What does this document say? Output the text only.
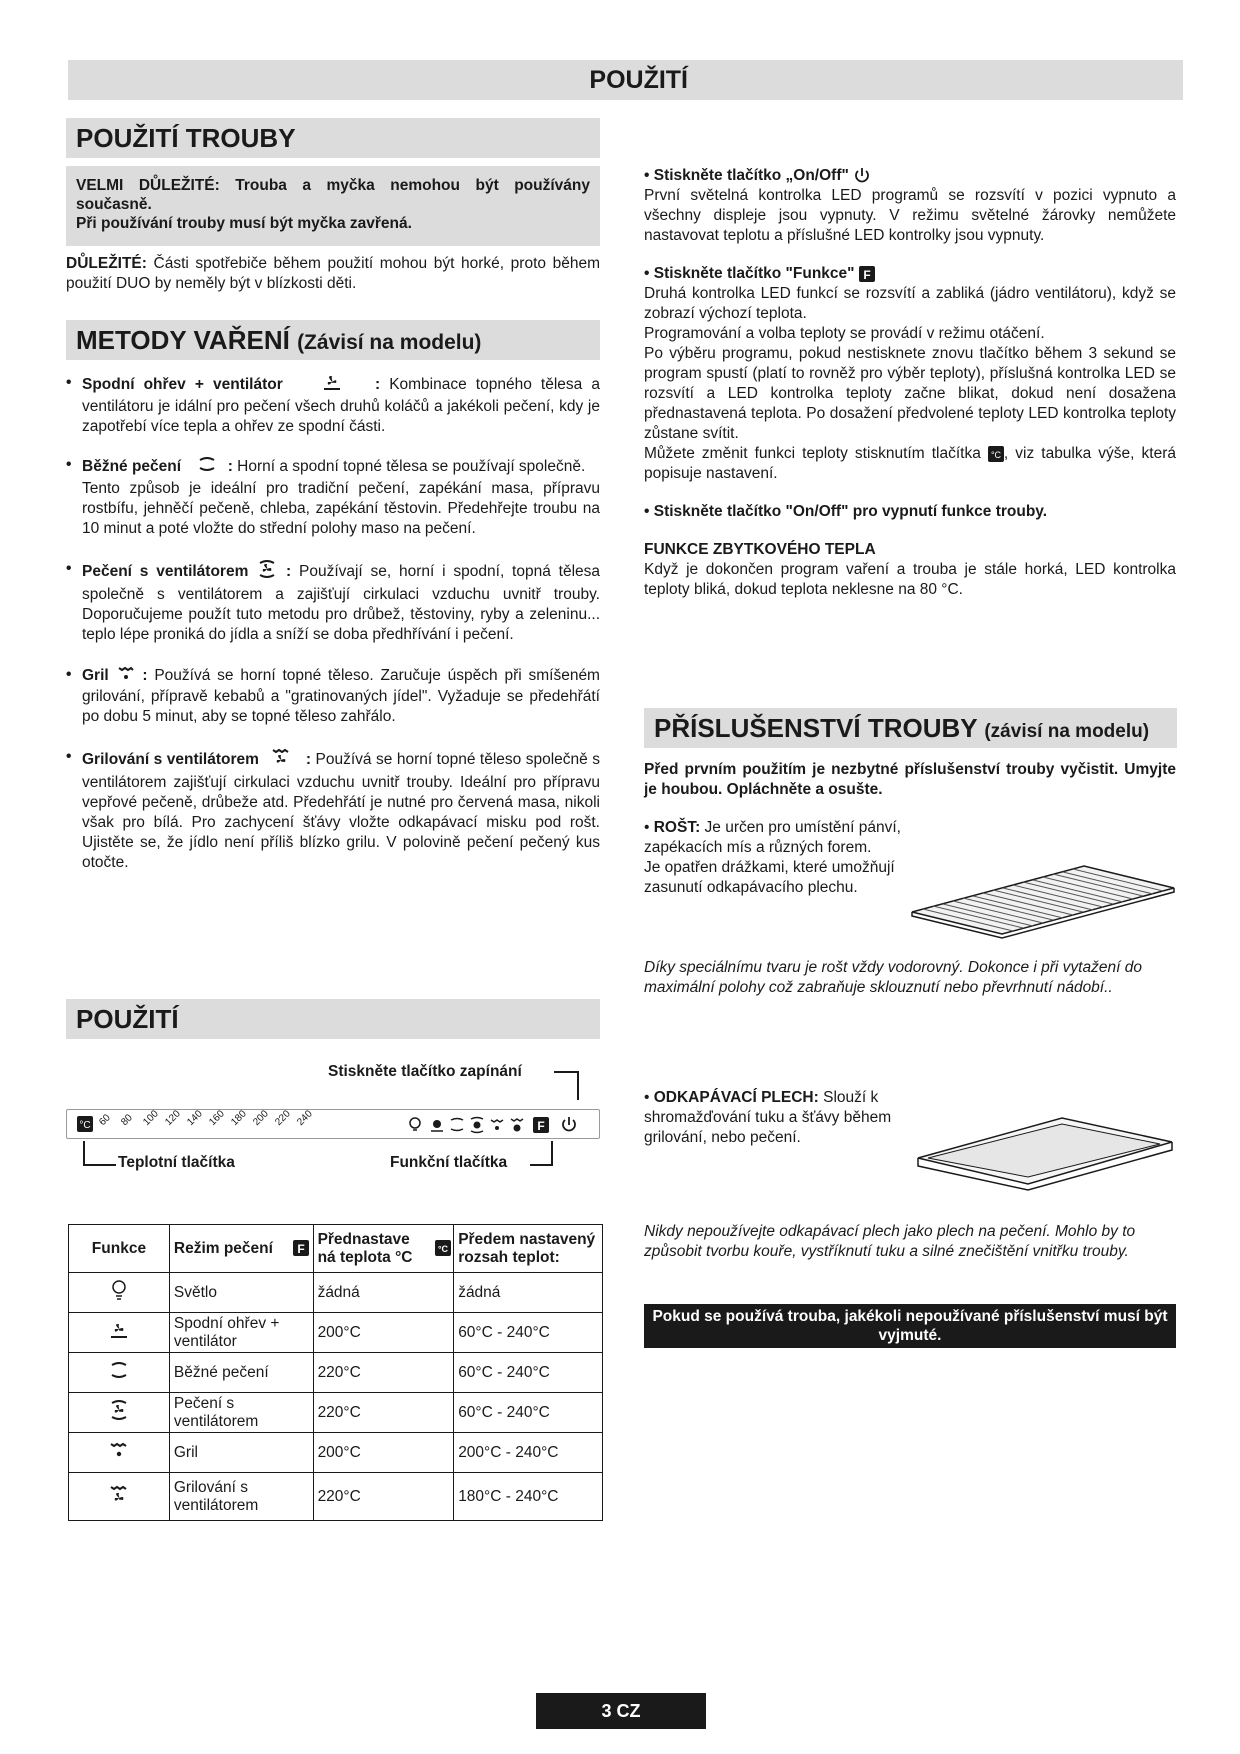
POUŽITÍ
POUŽITÍ TROUBY
VELMI DŮLEŽITÉ: Trouba a myčka nemohou být používány současně.
Při používání trouby musí být myčka zavřená.
DŮLEŽITÉ: Části spotřebiče během použití mohou být horké, proto během použití DUO by neměly být v blízkosti děti.
METODY VAŘENÍ (Závisí na modelu)
• Spodní ohřev + ventilátor	: Kombinace topného tělesa a ventilátoru je idální pro pečení všech druhů koláčů a jakékoli pečení, kdy je zapotřebí více tepla a ohřev ze spodní části.
• Běžné pečení	: Horní a spodní topné tělesa se používají společně.
Tento způsob je ideální pro tradiční pečení, zapékání masa, přípravu rostbífu, jehněčí pečeně, chleba, zapékání těstovin. Předehřejte troubu na 10 minut a poté vložte do střední polohy maso na pečení.
• Pečení s ventilátorem : Používají se, horní i spodní, topná tělesa společně s ventilátorem a zajišťují cirkulaci vzduchu uvnitř trouby. Doporučujeme použít tuto metodu pro drůbež, těstoviny, ryby a zeleninu... teplo lépe proniká do jídla a sníží se doba předhřívání i pečení.
• Gril : Používá se horní topné těleso. Zaručuje úspěch při smíšeném grilování, přípravě kebabů a "gratinovaných jídel". Vyžaduje se předehřátí po dobu 5 minut, aby se topné těleso zahřálo.
• Grilování s ventilátorem	: Používá se horní topné těleso společně s ventilátorem zajišťují cirkulaci vzduchu uvnitř trouby. Ideální pro přípravu vepřové pečeně, drůbeže atd. Předehřátí je nutné pro červená masa, nikoli však pro bílá. Pro zachycení šťávy vložte odkapávací misku pod rošt. Ujistěte se, že jídlo není příliš blízko grilu. V polovině pečení pečený kus otočte.
POUŽITÍ
Stiskněte tlačítko zapínání
°C 60 80 100 120 140 160 180 200 220 240	F
Teplotní tlačítka	Funkční tlačítka
Funkce	Režim pečení F	Přednastave ná teplota °C °C	Předem nastavený rozsah teplot:
	Světlo	žádná	žádná
	Spodní ohřev + ventilátor	200°C	60°C - 240°C
	Běžné pečení	220°C	60°C - 240°C
	Pečení s ventilátorem	220°C	60°C - 240°C
	Gril	200°C	200°C - 240°C
	Grilování s ventilátorem	220°C	180°C - 240°C
• Stiskněte tlačítko „On/Off"
První světelná kontrolka LED programů se rozsvítí v pozici vypnuto a všechny displeje jsou vypnuty. V režimu světelné žárovky nemůžete nastavovat teplotu a příslušné LED kontrolky jsou vypnuty.
• Stiskněte tlačítko "Funkce" F
Druhá kontrolka LED funkcí se rozsvítí a zabliká (jádro ventilátoru), když se zobrazí výchozí teplota.
Programování a volba teploty se provádí v režimu otáčení.
Po výběru programu, pokud nestisknete znovu tlačítko během 3 sekund se program spustí (platí to rovněž pro výběr teploty), příslušná kontrolka LED se rozsvítí a LED kontrolka teploty začne blikat, dokud není dosažena přednastavená teplota. Po dosažení předvolené teploty LED kontrolka teploty zůstane svítit.
Můžete změnit funkci teploty stisknutím tlačítka °C , viz tabulka výše, která popisuje nastavení.
• Stiskněte tlačítko "On/Off" pro vypnutí funkce trouby.
FUNKCE ZBYTKOVÉHO TEPLA
Když je dokončen program vaření a trouba je stále horká, LED kontrolka teploty bliká, dokud teplota neklesne na 80 °C.
PŘÍSLUŠENSTVÍ TROUBY (závisí na modelu)
Před prvním použitím je nezbytné příslušenství trouby vyčistit. Umyjte je houbou. Opláchněte a osušte.
• ROŠT: Je určen pro umístění pánví, zapékacích mís a různých forem.
Je opatřen drážkami, které umožňují zasunutí odkapávacího plechu.
Díky speciálnímu tvaru je rošt vždy vodorovný. Dokonce i při vytažení do maximální polohy což zabraňuje sklouznutí nebo převrhnutí nádobí..
• ODKAPÁVACÍ PLECH: Slouží k shromažďování tuku a šťávy během grilování, nebo pečení.
Nikdy nepoužívejte odkapávací plech jako plech na pečení. Mohlo by to způsobit tvorbu kouře, vystříknutí tuku a silné znečištění vnitřku trouby.
Pokud se používá trouba, jakékoli nepoužívané příslušenství musí být vyjmuté.
3 CZ
